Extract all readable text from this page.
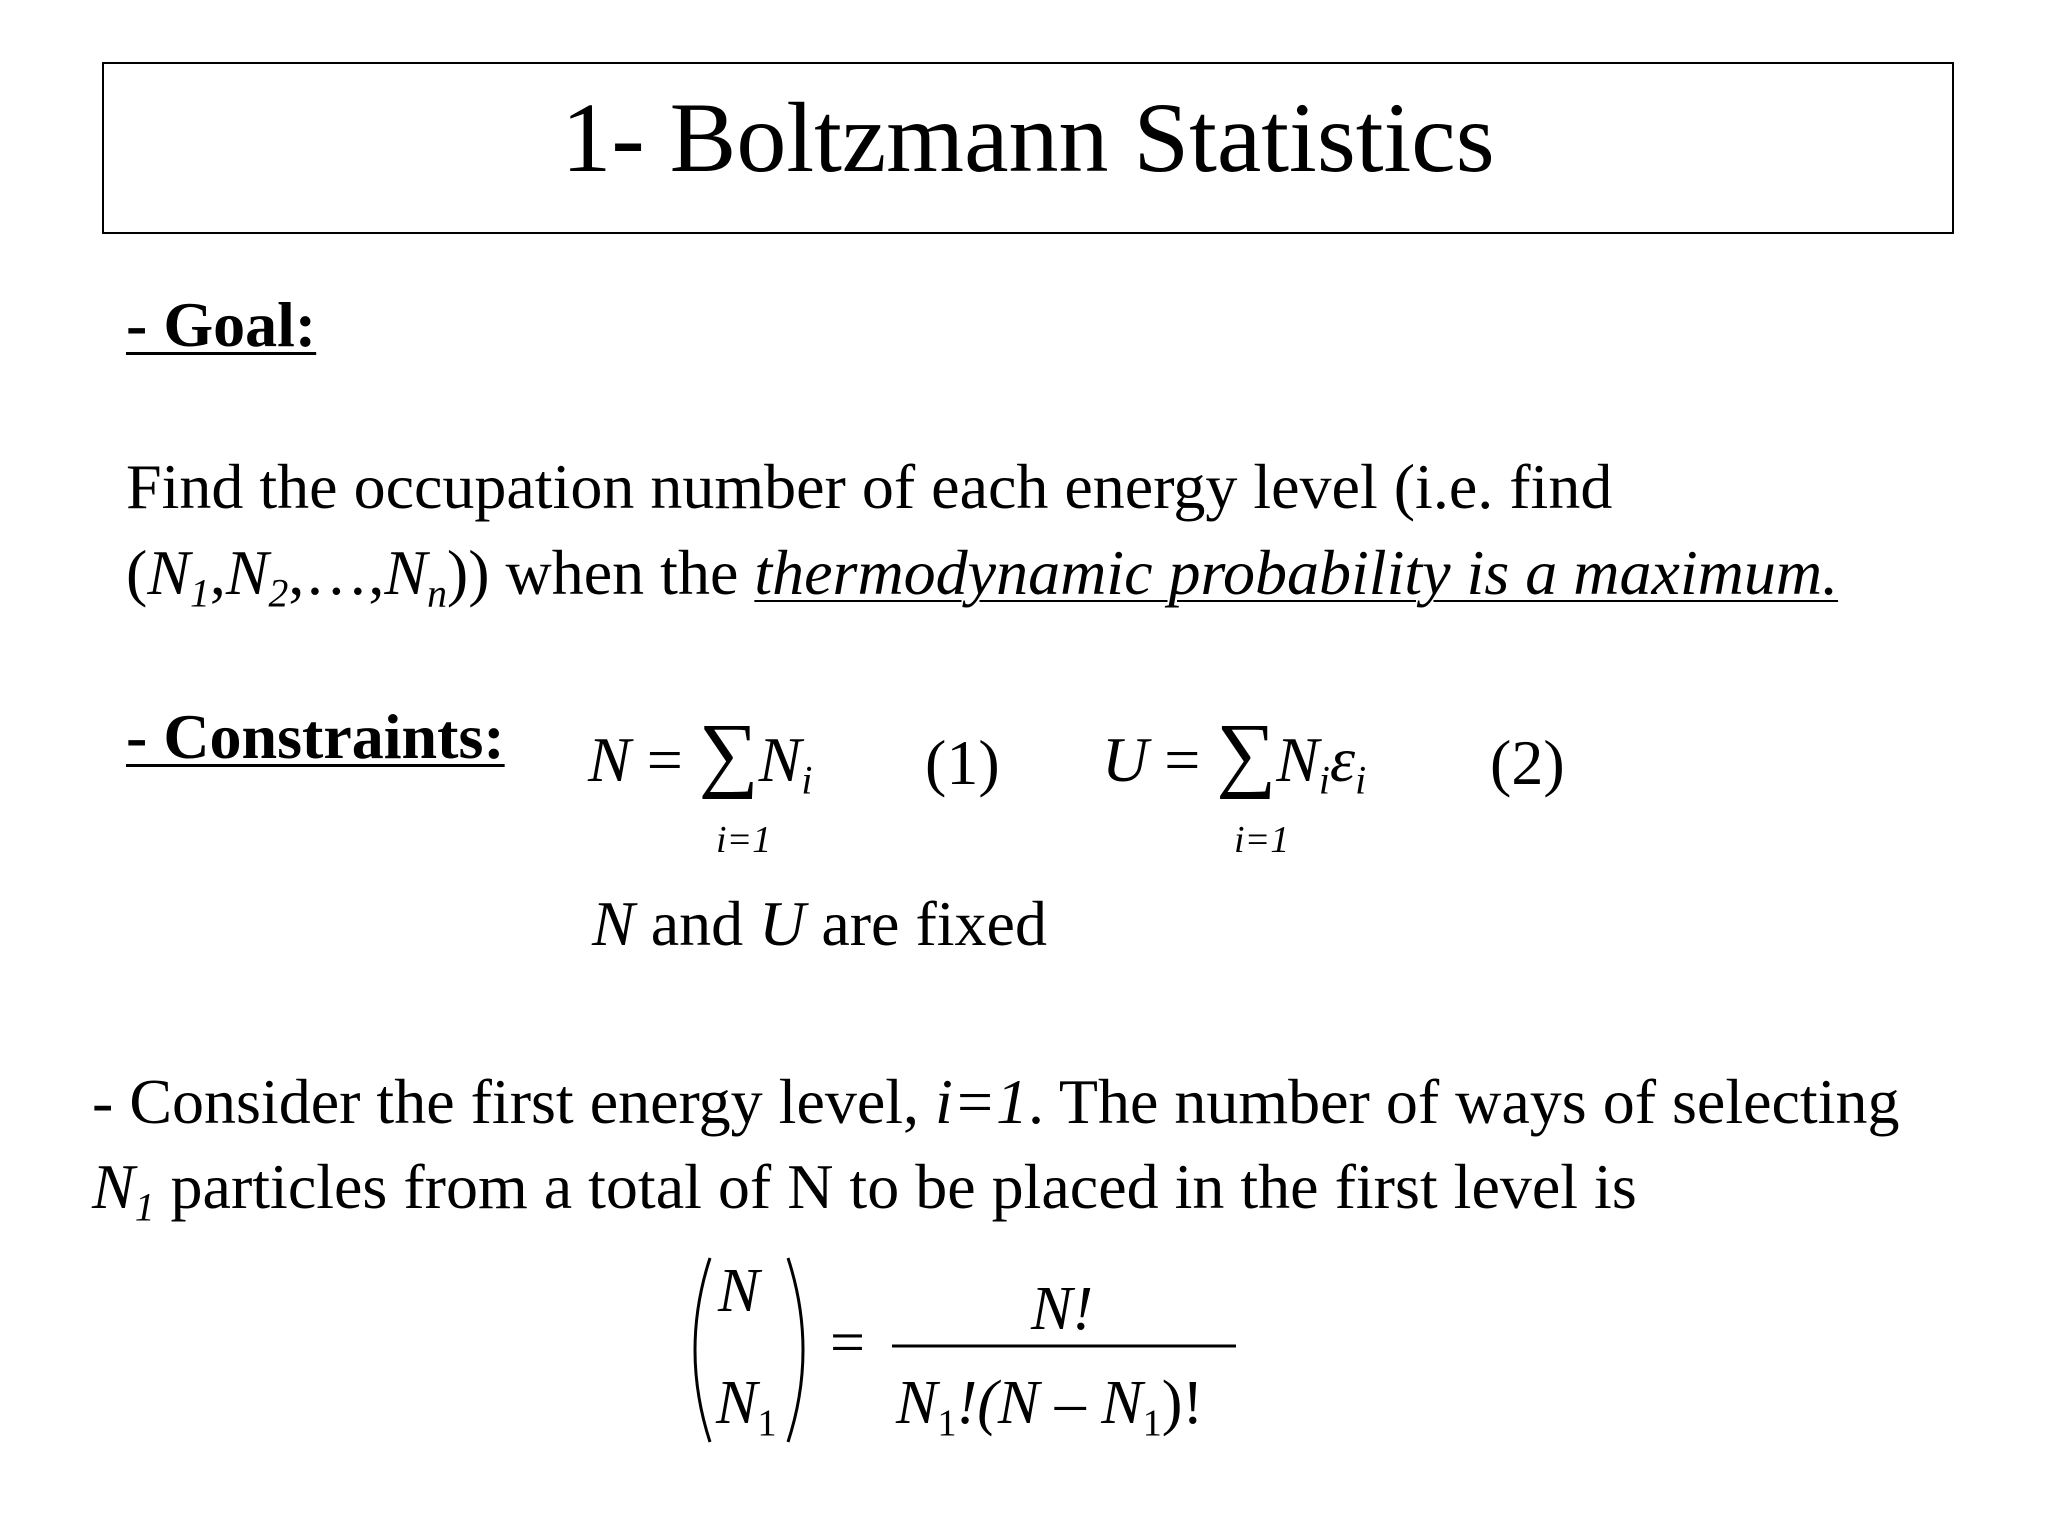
1- Boltzmann Statistics
- Goal:
Find the occupation number of each energy level (i.e. find
$(N_1,N_2,\dots,N_n)$) when the thermodynamic probability is a maximum.
- Constraints: $N = \sum N_i$
i=1
(1) $U = \sum N_i\varepsilon_i$
i=1
(2)
N and U are fixed
- Consider the first energy level, i=1. The number of ways of selecting
$N_1$ particles from a total of N to be placed in the first level is
N
$N_1$
=	N!
$N_1!(N - N_1)$!
